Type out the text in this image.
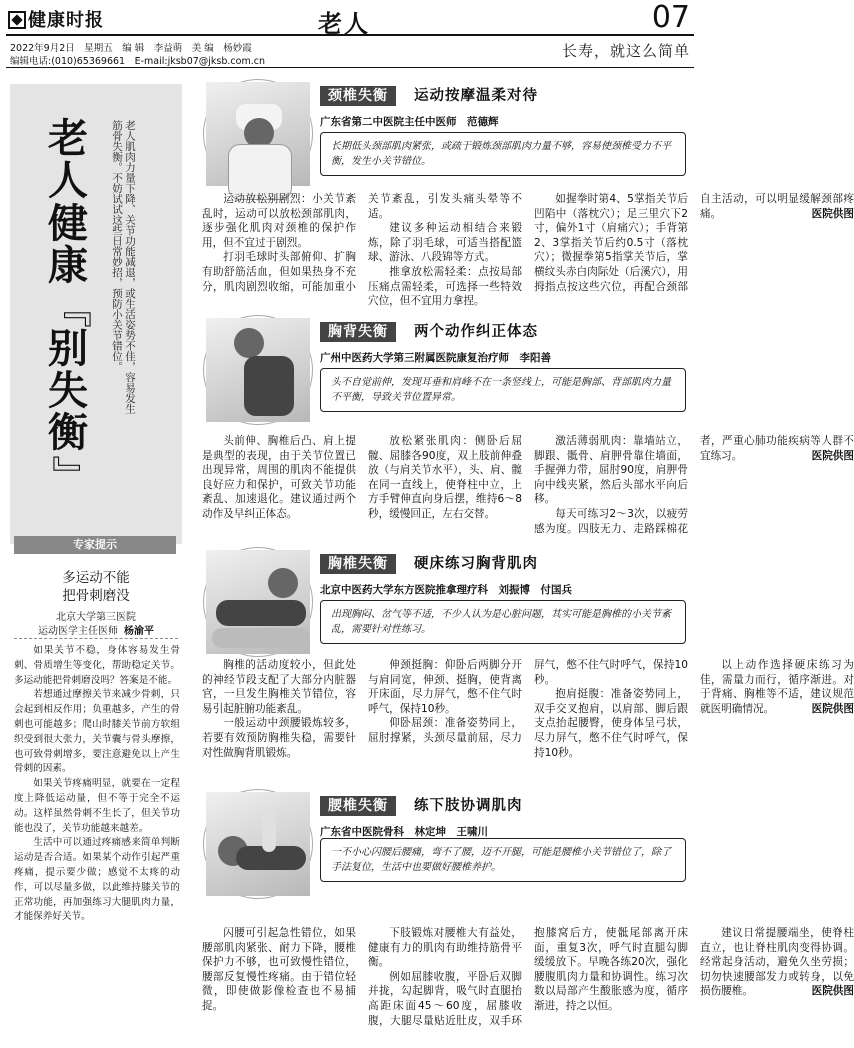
健康时报	老人	07
2022年9月2日　星期五　编 辑　李益萌　美 编　杨妙霞
编辑电话:(010)65369661　E-mail:jksb07@jksb.com.cn
长寿，就这么简单
老
人
健
康
『
别
失
衡
』
老人肌肉力量下降、关节功能减退，或生活姿势不佳，容易发生筋骨失衡。不妨试试这些日常妙招，预防小关节错位。
专家提示
多运动不能
把骨刺磨没
北京大学第三医院
运动医学主任医师 杨渝平

如果关节不稳，身体容易发生骨刺、骨质增生等变化，帮助稳定关节。多运动能把骨刺磨没吗？答案是不能。

若想通过摩擦关节来减少骨刺，只会起到相反作用；负重越多，产生的骨刺也可能越多；爬山时膝关节前方软组织受到很大张力，关节囊与骨头摩擦，也可致骨刺增多，要注意避免以上产生骨刺的因素。

如果关节疼痛明显，就要在一定程度上降低运动量，但不等于完全不运动。这样虽然骨刺不生长了，但关节功能也没了，关节功能越来越差。

生活中可以通过疼痛感来简单判断运动是否合适。如果某个动作引起严重疼痛，提示要少做；感觉不太疼的动作，可以尽量多做，以此维持膝关节的正常功能，再加强练习大腿肌肉力量，才能保养好关节。

颈椎失衡	运动按摩温柔对待
广东省第二中医院主任中医师　范德辉
长期低头颈部肌肉紧张，或疏于锻炼颈部肌肉力量不够，容易使颈椎受力不平衡，发生小关节错位。

运动放松别剧烈：小关节紊乱时，运动可以放松颈部肌肉，逐步强化肌肉对颈椎的保护作用，但不宜过于剧烈。

打羽毛球时头部俯仰、扩胸有助舒筋活血，但如果热身不充分，肌肉剧烈收缩，可能加重小关节紊乱，引发头痛头晕等不适。

建议多种运动相结合来锻炼，除了羽毛球，可适当搭配篮球、游泳、八段锦等方式。

推拿放松需轻柔：点按局部压痛点需轻柔，可选择一些特效穴位，但不宜用力拿捏。

如握拳时第4、5掌指关节后凹陷中（落枕穴）；足三里穴下2寸，偏外1寸（肩痛穴）；手背第2、3掌指关节后约0.5寸（落枕穴）；微握拳第5指掌关节后，掌横纹头赤白肉际处（后溪穴），用拇指点按这些穴位，再配合颈部自主活动，可以明显缓解颈部疼痛。	医院供图

胸背失衡	两个动作纠正体态
广州中医药大学第三附属医院康复治疗师　李阳善
头不自觉前伸，发现耳垂和肩峰不在一条竖线上，可能是胸部、背部肌肉力量不平衡，导致关节位置异常。

头前伸、胸椎后凸、肩上提是典型的表现，由于关节位置已出现异常，周围的肌肉不能提供良好应力和保护，可致关节功能紊乱、加速退化。建议通过两个动作及早纠正体态。

放松紧张肌肉：侧卧后屈髋、屈膝各90度，双上肢前伸叠放（与肩关节水平），头、肩、髋在同一直线上，使脊柱中立，上方手臂伸直向身后摆，维持6～8秒，缓慢回正，左右交替。

激活薄弱肌肉：靠墙站立，脚跟、骶骨、肩胛骨靠住墙面，手握弹力带，屈肘90度，肩胛骨向中线夹紧，然后头部水平向后移。

每天可练习2～3次，以疲劳感为度。四肢无力、走路踩棉花者，严重心肺功能疾病等人群不宜练习。	医院供图

胸椎失衡	硬床练习胸背肌肉
北京中医药大学东方医院推拿理疗科　刘振博　付国兵
出现胸闷、岔气等不适，不少人认为是心脏问题，其实可能是胸椎的小关节紊乱，需要针对性练习。

胸椎的活动度较小，但此处的神经节段支配了大部分内脏器官，一旦发生胸椎关节错位，容易引起脏腑功能紊乱。

一般运动中颈腰锻炼较多，若要有效预防胸椎失稳，需要针对性做胸背肌锻炼。

伸颈挺胸：仰卧后两脚分开与肩同宽，伸颈、挺胸，使背离开床面，尽力屏气，憋不住气时呼气，保持10秒。

仰卧屈颈：准备姿势同上，屈肘撑紧，头颈尽量前屈，尽力屏气，憋不住气时呼气，保持10秒。

抱肩挺腹：准备姿势同上，双手交叉抱肩，以肩部、脚后跟支点抬起腰臀，使身体呈弓状，尽力屏气，憋不住气时呼气，保持10秒。

以上动作选择硬床练习为佳，需量力而行，循序渐进。对于背痛、胸椎等不适，建议规范就医明确情况。	医院供图

腰椎失衡	练下肢协调肌肉
广东省中医院骨科　林定坤　王啸川
一不小心闪腰后腰痛，弯不了腰，迈不开腿，可能是腰椎小关节错位了，除了手法复位，生活中也要做好腰椎养护。

闪腰可引起急性错位，如果腰部肌肉紧张、耐力下降，腰椎保护力不够，也可致慢性错位，腰部反复慢性疼痛。由于错位轻微，即使做影像检查也不易捕捉。

下肢锻炼对腰椎大有益处，健康有力的肌肉有助维持筋骨平衡。

例如屈膝收腹，平卧后双脚并拢，勾起脚背，吸气时直腿抬高距床面45～60度，屈膝收腹，大腿尽量贴近肚皮，双手环抱膝窝后方，使骶尾部离开床面，重复3次，呼气时直腿勾脚缓缓放下。早晚各练20次，强化腰腹肌肉力量和协调性。练习次数以局部产生酸胀感为度，循序渐进，持之以恒。

建议日常提腰端坐，使脊柱直立，也让脊柱肌肉变得协调。经常起身活动，避免久坐劳损；切勿快速腰部发力或转身，以免损伤腰椎。	医院供图
